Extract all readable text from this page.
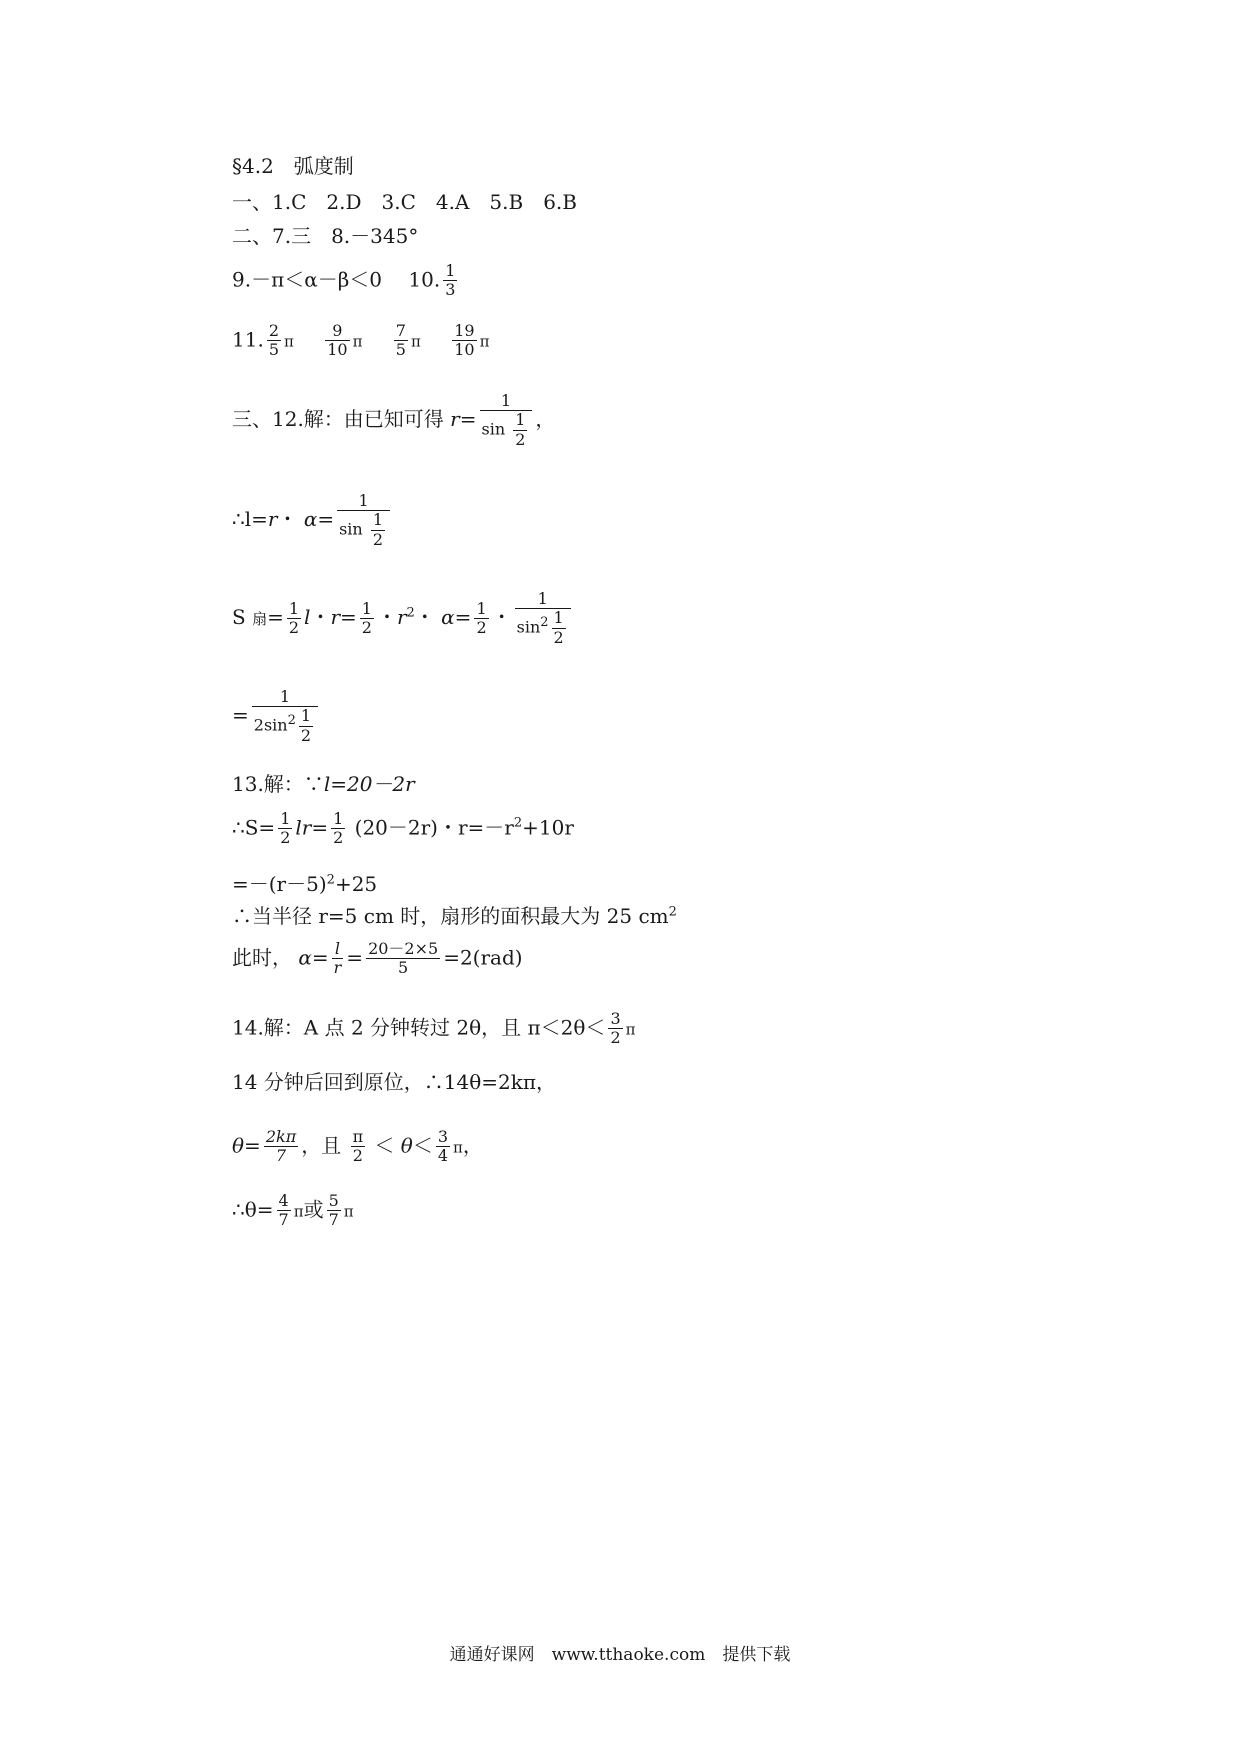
§4.2　弧度制
一、1.C　2.D　3.C　4.A　5.B　6.B
二、7.三　8.－345°
9.－π＜α－β＜0　 10. $\frac{1}{3}$
11. $\frac{2}{5}$ π $\frac{9}{10}$ π $\frac{7}{5}$ π $\frac{19}{10}$ π
三、12.解：由已知可得 $r= \frac{1}{\sin \frac{1}{2}}$ ，
∴l=r・ $\alpha= \frac{1}{\sin \frac{1}{2}}$
S 扇= $\frac{1}{2}$ l・$r= \frac{1}{2}$ ・$r^2$・ $\alpha= \frac{1}{2}$ ・ $\frac{1}{\sin^2 \frac{1}{2}}$
= $\frac{1}{2\sin^2 \frac{1}{2}}$
13.解：∵l=20－2r
∴S= $\frac{1}{2} lr= \frac{1}{2} (20-2r)$・$r=-r^2+10r$
$=-(r-5)^2+25$
∴当半径 r=5 cm 时，扇形的面积最大为 25 $cm^2$
此时， $\alpha= \frac{l}{r} = \frac{20-2\times 5}{5} =2(rad)$
14.解：A 点 2 分钟转过 2θ，且 $\pi<2\theta< \frac{3}{2}$ π
14 分钟后回到原位，∴14θ=2kπ，
$\theta= \frac{2k\pi}{7}$ ，且 $\frac{\pi}{2} < \theta< \frac{3}{4}$ π，
∴θ= $\frac{4}{7}$ π或 $\frac{5}{7}$ π
通通好课网　www.tthaoke.com　提供下载
